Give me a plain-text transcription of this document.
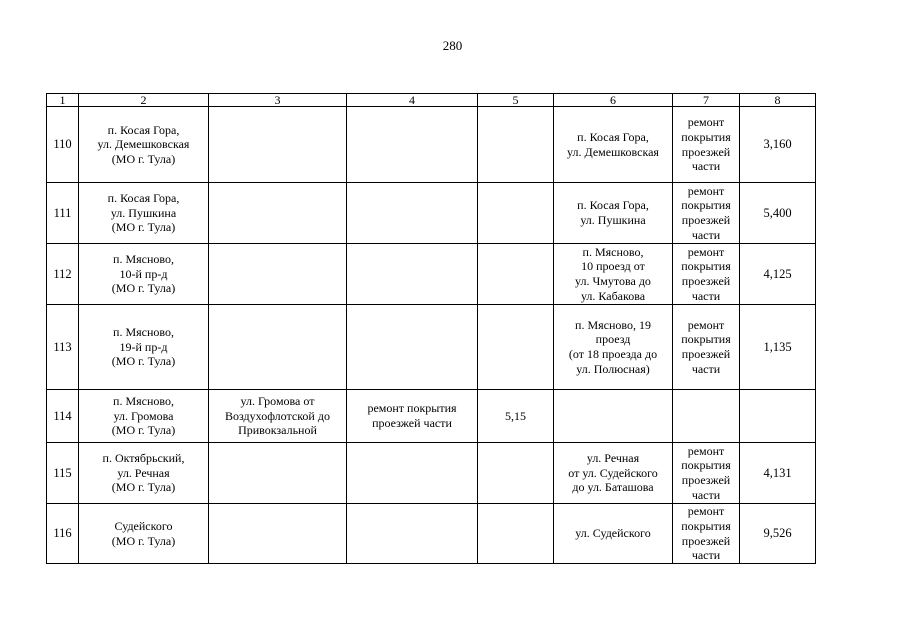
280
1	2	3	4	5	6	7	8
110	п. Косая Гора,
ул. Демешковская
(МО г. Тула)				п. Косая Гора,
ул. Демешковская	ремонт
покрытия
проезжей
части	3,160
111	п. Косая Гора,
ул. Пушкина
(МО г. Тула)				п. Косая Гора,
ул. Пушкина	ремонт
покрытия
проезжей
части	5,400
112	п. Мясново,
10-й пр-д
(МО г. Тула)				п. Мясново,
10 проезд от
ул. Чмутова до
ул. Кабакова	ремонт
покрытия
проезжей
части	4,125
113	п. Мясново,
19-й пр-д
(МО г. Тула)				п. Мясново, 19
проезд
(от 18 проезда до
ул. Полюсная)	ремонт
покрытия
проезжей
части	1,135
114	п. Мясново,
ул. Громова
(МО г. Тула)	ул. Громова от
Воздухофлотской до
Привокзальной	ремонт покрытия
проезжей части	5,15			
115	п. Октябрьский,
ул. Речная
(МО г. Тула)				ул. Речная
от ул. Судейского
до ул. Баташова	ремонт
покрытия
проезжей
части	4,131
116	Судейского
(МО г. Тула)				ул. Судейского	ремонт
покрытия
проезжей
части	9,526
